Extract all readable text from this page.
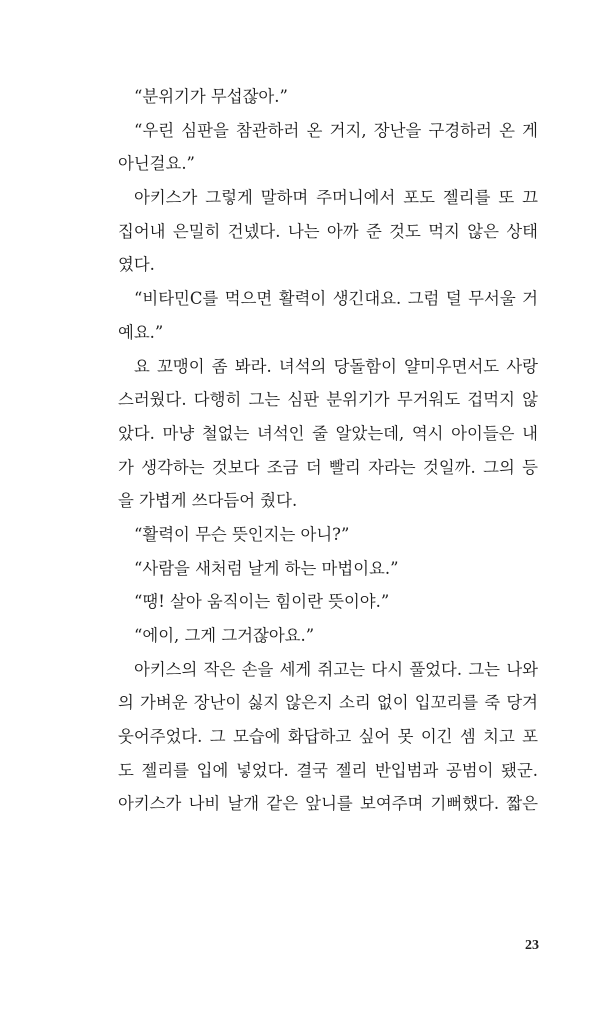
“분위기가 무섭잖아.”
“우린 심판을 참관하러 온 거지, 장난을 구경하러 온 게
아닌걸요.”
아키스가 그렇게 말하며 주머니에서 포도 젤리를 또 끄
집어내 은밀히 건넸다. 나는 아까 준 것도 먹지 않은 상태
였다.
“비타민C를 먹으면 활력이 생긴대요. 그럼 덜 무서울 거
예요.”
요 꼬맹이 좀 봐라. 녀석의 당돌함이 얄미우면서도 사랑
스러웠다. 다행히 그는 심판 분위기가 무거워도 겁먹지 않
았다. 마냥 철없는 녀석인 줄 알았는데, 역시 아이들은 내
가 생각하는 것보다 조금 더 빨리 자라는 것일까. 그의 등
을 가볍게 쓰다듬어 줬다.
“활력이 무슨 뜻인지는 아니?”
“사람을 새처럼 날게 하는 마법이요.”
“땡! 살아 움직이는 힘이란 뜻이야.”
“에이, 그게 그거잖아요.”
아키스의 작은 손을 세게 쥐고는 다시 풀었다. 그는 나와
의 가벼운 장난이 싫지 않은지 소리 없이 입꼬리를 죽 당겨
웃어주었다. 그 모습에 화답하고 싶어 못 이긴 셈 치고 포
도 젤리를 입에 넣었다. 결국 젤리 반입범과 공범이 됐군.
아키스가 나비 날개 같은 앞니를 보여주며 기뻐했다. 짧은
23
